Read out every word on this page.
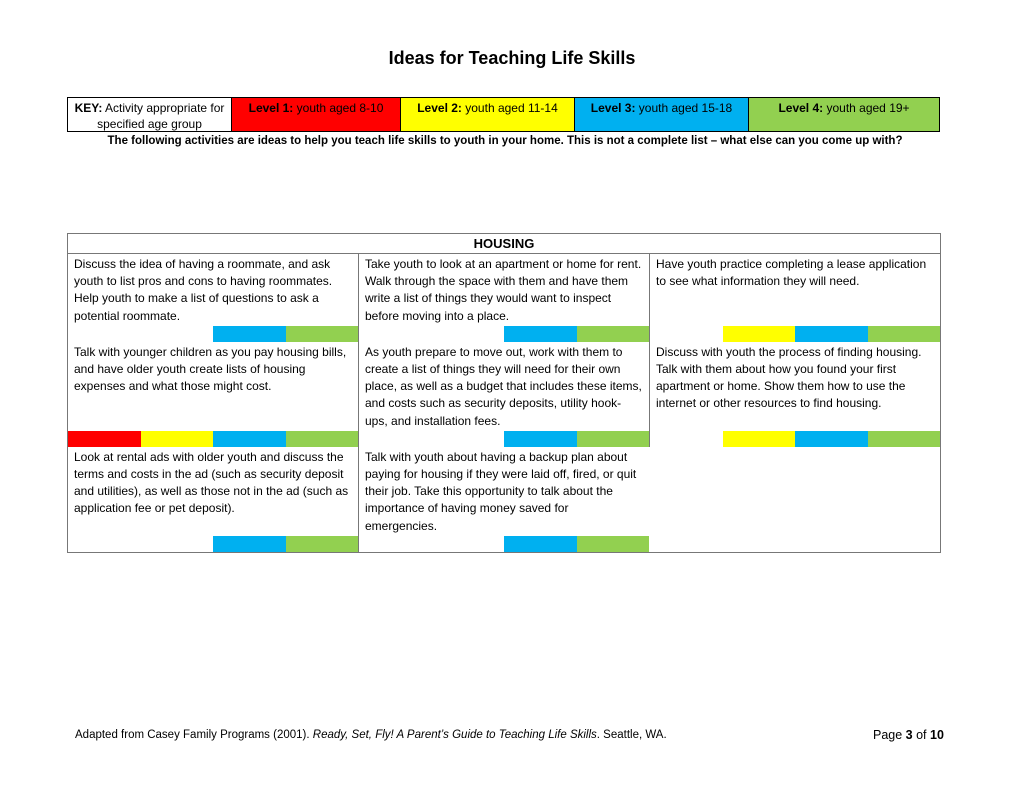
Ideas for Teaching Life Skills
KEY: Activity appropriate for specified age group
Level 1: youth aged 8-10	Level 2: youth aged 11-14	Level 3: youth aged 15-18	Level 4: youth aged 19+
The following activities are ideas to help you teach life skills to youth in your home. This is not a complete list – what else can you come up with?
HOUSING
Discuss the idea of having a roommate, and ask youth to list pros and cons to having roommates. Help youth to make a list of questions to ask a potential roommate.
Take youth to look at an apartment or home for rent. Walk through the space with them and have them write a list of things they would want to inspect before moving into a place.
Have youth practice completing a lease application to see what information they will need.
Talk with younger children as you pay housing bills, and have older youth create lists of housing expenses and what those might cost.
As youth prepare to move out, work with them to create a list of things they will need for their own place, as well as a budget that includes these items, and costs such as security deposits, utility hook-ups, and installation fees.
Discuss with youth the process of finding housing. Talk with them about how you found your first apartment or home. Show them how to use the internet or other resources to find housing.
Look at rental ads with older youth and discuss the terms and costs in the ad (such as security deposit and utilities), as well as those not in the ad (such as application fee or pet deposit).
Talk with youth about having a backup plan about paying for housing if they were laid off, fired, or quit their job. Take this opportunity to talk about the importance of having money saved for emergencies.
Adapted from Casey Family Programs (2001). Ready, Set, Fly! A Parent’s Guide to Teaching Life Skills. Seattle, WA.	Page 3 of 10
